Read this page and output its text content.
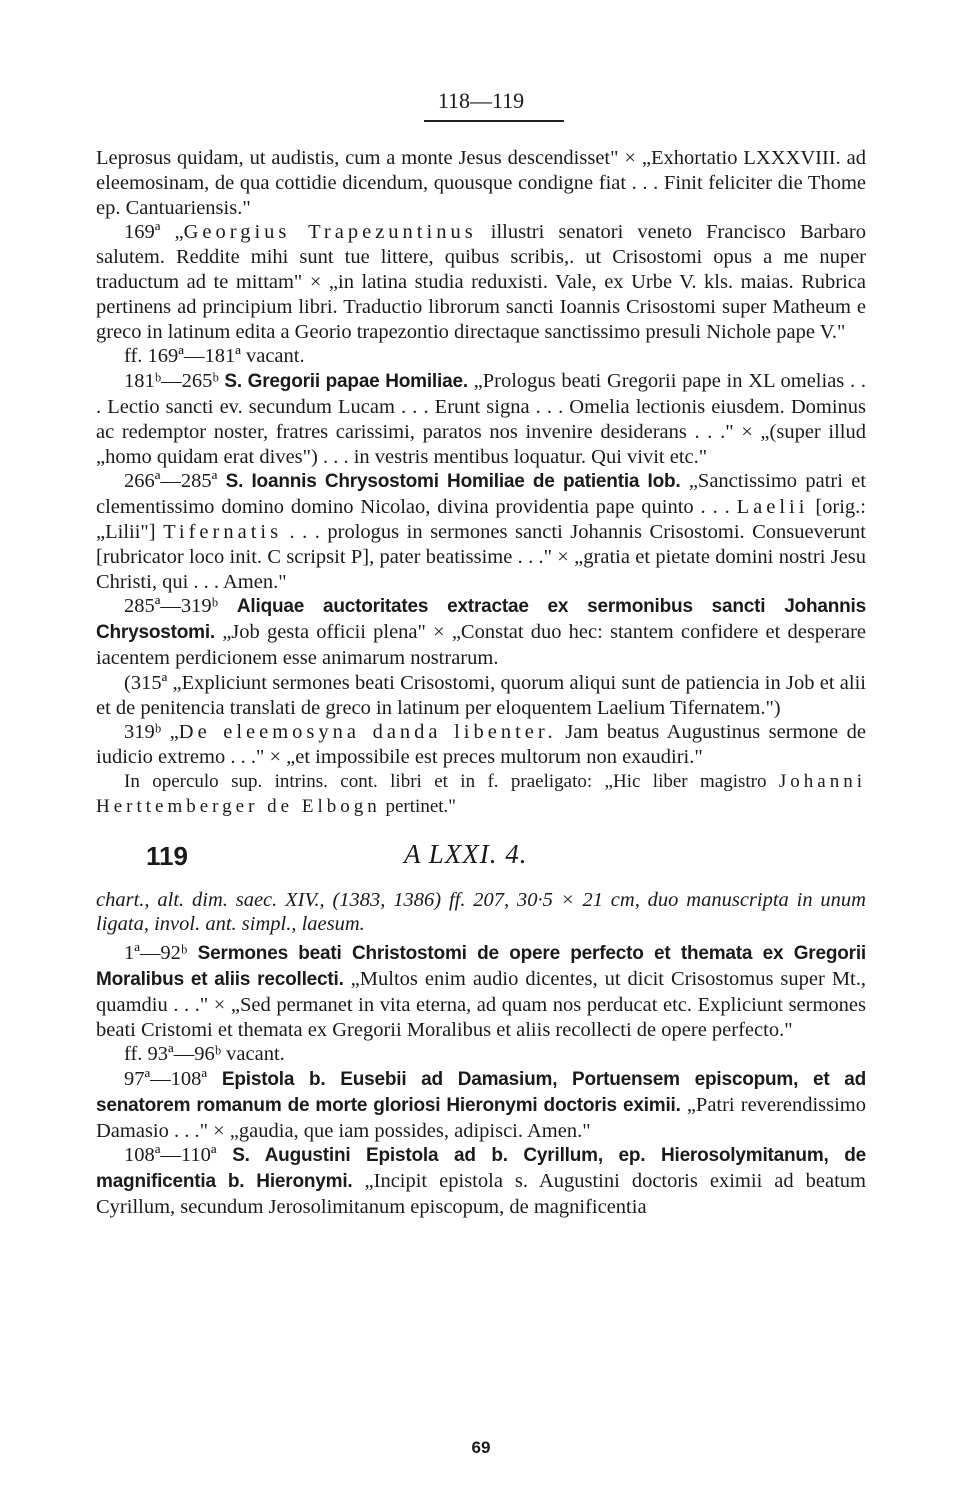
118—119

Leprosus quidam, ut audistis, cum a monte Jesus descendisset" × „Exhortatio LXXXVIII. ad eleemosinam, de qua cottidie dicendum, quousque condigne fiat . . . Finit feliciter die Thome ep. Cantuariensis."

169ª „Georgius Trapezuntinus illustri senatori veneto Francisco Barbaro salutem. Reddite mihi sunt tue littere, quibus scribis,. ut Crisostomi opus a me nuper traductum ad te mittam" × „in latina studia reduxisti. Vale, ex Urbe V. kls. maias. Rubrica pertinens ad principium libri. Traductio librorum sancti Ioannis Crisostomi super Matheum e greco in latinum edita a Georio trapezontio directaque sanctissimo presuli Nichole pape V."

ff. 169ª—181ª vacant.

181ᵇ—265ᵇ S. Gregorii papae Homiliae. „Prologus beati Gregorii pape in XL omelias . . . Lectio sancti ev. secundum Lucam . . . Erunt signa . . . Omelia lectionis eiusdem. Dominus ac redemptor noster, fratres carissimi, paratos nos invenire desiderans . . ." × „(super illud „homo quidam erat dives") . . . in vestris mentibus loquatur. Qui vivit etc."

266ª—285ª S. Ioannis Chrysostomi Homiliae de patientia Iob. „Sanctissimo patri et clementissimo domino domino Nicolao, divina providentia pape quinto . . . Laelii [orig.: „Lilii"] Tifernatis . . . prologus in sermones sancti Johannis Crisostomi. Consueverunt [rubricator loco init. C scripsit P], pater beatissime . . ." × „gratia et pietate domini nostri Jesu Christi, qui . . . Amen."

285ª—319ᵇ Aliquae auctoritates extractae ex sermonibus sancti Johannis Chrysostomi. „Job gesta officii plena" × „Constat duo hec: stantem confidere et desperare iacentem perdicionem esse animarum nostrarum.

(315ª „Expliciunt sermones beati Crisostomi, quorum aliqui sunt de patiencia in Job et alii et de penitencia translati de greco in latinum per eloquentem Laelium Tifernatem.")

319ᵇ „De eleemosyna danda libenter. Jam beatus Augustinus sermone de iudicio extremo . . ." × „et impossibile est preces multorum non exaudiri."

In operculo sup. intrins. cont. libri et in f. praeligato: „Hic liber magistro Johanni Herttemberger de Elbogn pertinet."

119	A LXXI. 4.

chart., alt. dim. saec. XIV., (1383, 1386) ff. 207, 30·5 × 21 cm, duo manuscripta in unum ligata, invol. ant. simpl., laesum.

1ª—92ᵇ Sermones beati Christostomi de opere perfecto et themata ex Gregorii Moralibus et aliis recollecti. „Multos enim audio dicentes, ut dicit Crisostomus super Mt., quamdiu . . ." × „Sed permanet in vita eterna, ad quam nos perducat etc. Expliciunt sermones beati Cristomi et themata ex Gregorii Moralibus et aliis recollecti de opere perfecto."

ff. 93ª—96ᵇ vacant.

97ª—108ª Epistola b. Eusebii ad Damasium, Portuensem episcopum, et ad senatorem romanum de morte gloriosi Hieronymi doctoris eximii. „Patri reverendissimo Damasio . . ." × „gaudia, que iam possides, adipisci. Amen."

108ª—110ª S. Augustini Epistola ad b. Cyrillum, ep. Hierosolymitanum, de magnificentia b. Hieronymi. „Incipit epistola s. Augustini doctoris eximii ad beatum Cyrillum, secundum Jerosolimitanum episcopum, de magnificentia

69
